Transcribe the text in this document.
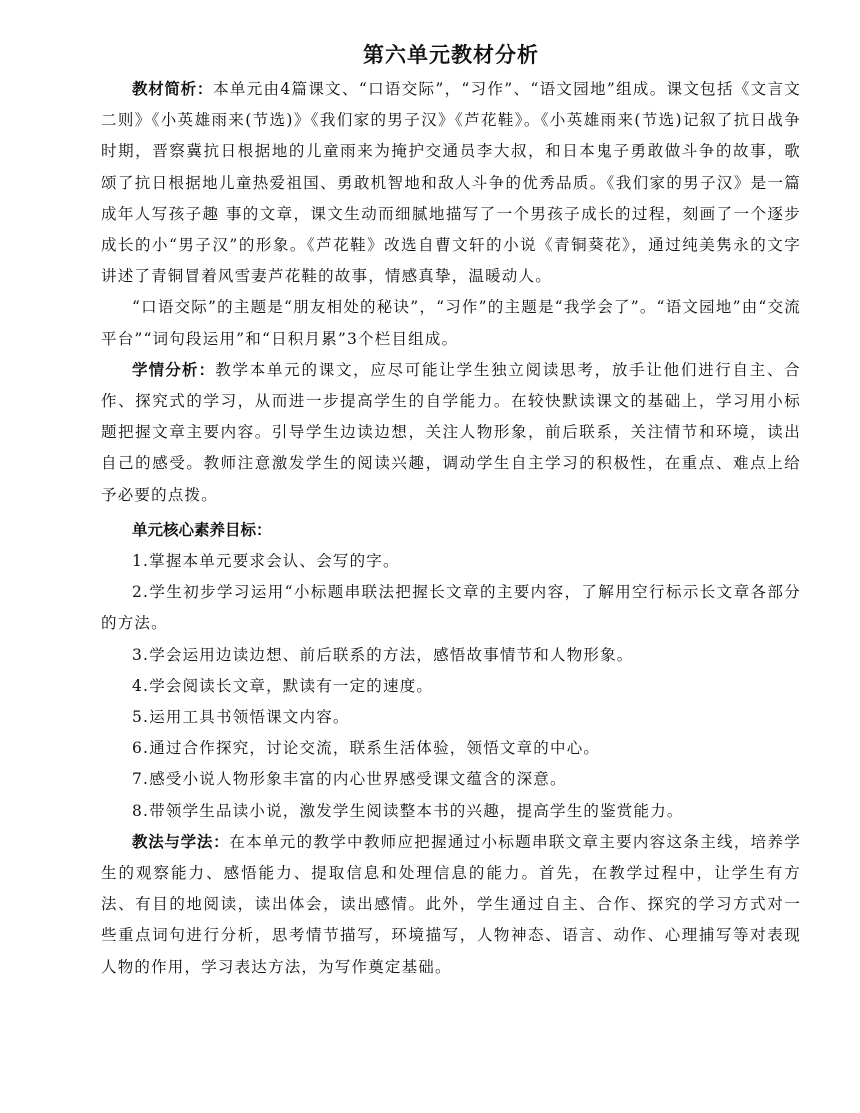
第六单元教材分析

教材简析：本单元由4篇课文、“口语交际”，“习作”、“语文园地”组成。课文包括《文言文二则》《小英雄雨来(节选)》《我们家的男子汉》《芦花鞋》。《小英雄雨来(节选)记叙了抗日战争时期，晋察冀抗日根据地的儿童雨来为掩护交通员李大叔，和日本鬼子勇敢做斗争的故事，歌颂了抗日根据地儿童热爱祖国、勇敢机智地和敌人斗争的优秀品质。《我们家的男子汉》是一篇成年人写孩子趣 事的文章，课文生动而细腻地描写了一个男孩子成长的过程，刻画了一个逐步成长的小“男子汉”的形象。《芦花鞋》改选自曹文轩的小说《青铜葵花》，通过纯美隽永的文字讲述了青铜冒着风雪妻芦花鞋的故事，情感真挚，温暖动人。

“口语交际”的主题是“朋友相处的秘诀”，“习作”的主题是“我学会了”。“语文园地”由“交流平台”“词句段运用”和“日积月累”3个栏目组成。

学情分析：教学本单元的课文，应尽可能让学生独立阅读思考，放手让他们进行自主、合作、探究式的学习，从而进一步提高学生的自学能力。在较快默读课文的基础上，学习用小标题把握文章主要内容。引导学生边读边想，关注人物形象，前后联系，关注情节和环境，读出自己的感受。教师注意激发学生的阅读兴趣，调动学生自主学习的积极性，在重点、难点上给予必要的点拨。

单元核心素养目标：

1.掌握本单元要求会认、会写的字。

2.学生初步学习运用“小标题串联法把握长文章的主要内容，了解用空行标示长文章各部分的方法。

3.学会运用边读边想、前后联系的方法，感悟故事情节和人物形象。

4.学会阅读长文章，默读有一定的速度。

5.运用工具书领悟课文内容。

6.通过合作探究，讨论交流，联系生活体验，领悟文章的中心。

7.感受小说人物形象丰富的内心世界感受课文蕴含的深意。

8.带领学生品读小说，激发学生阅读整本书的兴趣，提高学生的鉴赏能力。

教法与学法：在本单元的教学中教师应把握通过小标题串联文章主要内容这条主线，培养学生的观察能力、感悟能力、提取信息和处理信息的能力。首先，在教学过程中，让学生有方法、有目的地阅读，读出体会，读出感情。此外，学生通过自主、合作、探究的学习方式对一些重点词句进行分析，思考情节描写，环境描写，人物神态、语言、动作、心理捕写等对表现人物的作用，学习表达方法，为写作奠定基础。
